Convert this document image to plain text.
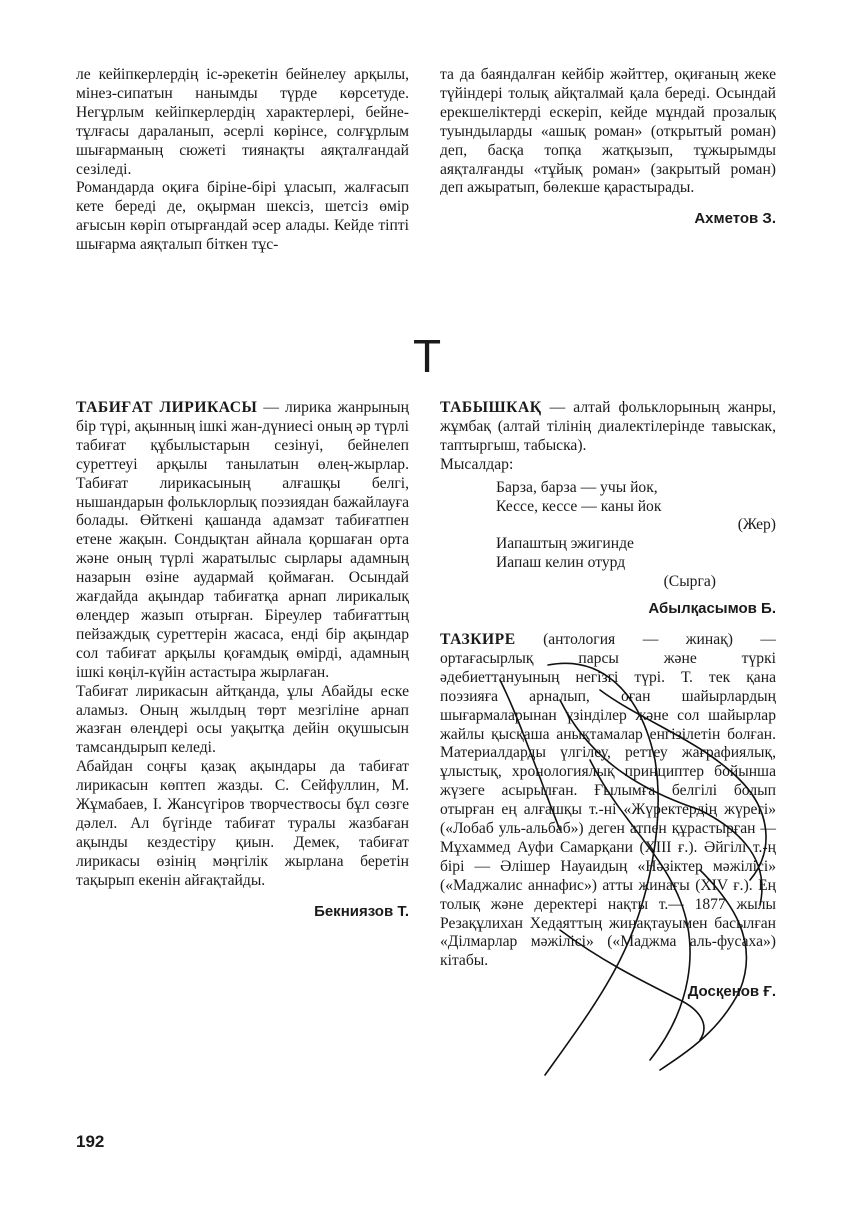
ле кейіпкерлердің іс-әрекетін бейнелеу арқылы, мінез-сипатын нанымды түрде көрсетуде. Негұрлым кейіпкерлердің характерлері, бейне-тұлғасы дараланып, әсерлі көрінсе, солғұрлым шығарманың сюжеті тиянақты аяқталғандай сезіледі.

Романдарда оқиға біріне-бірі ұласып, жалғасып кете береді де, оқырман шексіз, шетсіз өмір ағысын көріп отырғандай әсер алады. Кейде тіпті шығарма аяқталып біткен тұс-

та да баяндалған кейбір жәйттер, оқиғаның жеке түйіндері толық айқталмай қала береді. Осындай ерекшеліктерді ескеріп, кейде мұндай прозалық туындыларды «ашық роман» (открытый роман) деп, басқа топқа жатқызып, тұжырымды аяқталғанды «тұйық роман» (закрытый роман) деп ажыратып, бөлекше қарастырады.

Ахметов З.
Т

ТАБИҒАТ ЛИРИКАСЫ — лирика жанрының бір түрі, ақынның ішкі жан-дүниесі оның әр түрлі табиғат құбылыстарын сезінуі, бейнелеп суреттеуі арқылы танылатын өлең-жырлар. Табиғат лирикасының алғашқы белгі, нышандарын фольклорлық поэзиядан бажайлауға болады. Өйткені қашанда адамзат табиғатпен етене жақын. Сондықтан айнала қоршаған орта және оның түрлі жаратылыс сырлары адамның назарын өзіне аудармай қоймаған. Осындай жағдайда ақындар табиғатқа арнап лирикалық өлеңдер жазып отырған. Біреулер табиғаттың пейзаждық суреттерін жасаса, енді бір ақындар сол табиғат арқылы қоғамдық өмірді, адамның ішкі көңіл-күйін астастыра жырлаған.

Табиғат лирикасын айтқанда, ұлы Абайды еске аламыз. Оның жылдың төрт мезгіліне арнап жазған өлеңдері осы уақытқа дейін оқушысын тамсандырып келеді.

Абайдан соңғы қазақ ақындары да табиғат лирикасын көптеп жазды. С. Сейфуллин, М. Жұмабаев, І. Жансүгіров творчествосы бұл сөзге дәлел. Ал бүгінде табиғат туралы жазбаған ақынды кездестіру қиын. Демек, табиғат лирикасы өзінің мәңгілік жырлана беретін тақырып екенін айғақтайды.

Бекниязов Т.

ТАБЫШКАҚ — алтай фольклорының жанры, жұмбақ (алтай тілінің диалектілерінде тавыскак, таптыргыш, табыска).

Мысалдар:

Барза, барза — учы йок,
Кессе, кессе — каны йок
(Жер)
Иапаштың эжигинде
Иапаш келин отурд
(Сырга)
Абылқасымов Б.

ТАЗКИРЕ (антология — жинақ) — ортағасырлық парсы және түркі әдебиеттануының негізгі түрі. Т. тек қана поэзияға арналып, оған шайырлардың шығармаларынан үзінділер және сол шайырлар жайлы қысқаша анықтамалар енгізілетін болған. Материалдарды үлгілеу, реттеу жағрафиялық, ұлыстық, хронологиялық принциптер бойынша жүзеге асырылған. Ғылымға белгілі болып отырған ең алғашқы т.-ні «Жүректердің жүрегі» («Лобаб уль-альбаб») деген атпен құрастырған — Мұхаммед Ауфи Самарқани (ХІІІ ғ.). Әйгілі т.-ң бірі — Әлішер Науаидың «Нәзіктер мәжілісі» («Маджалис аннафис») атты жинағы (XIV ғ.). Ең толық және деректері нақты т.— 1877 жылы Резақұлихан Хедаяттың жинақтауымен басылған «Ділмарлар мәжілісі» («Маджма аль-фусаха») кітабы.

Досқенов Ғ.
192
